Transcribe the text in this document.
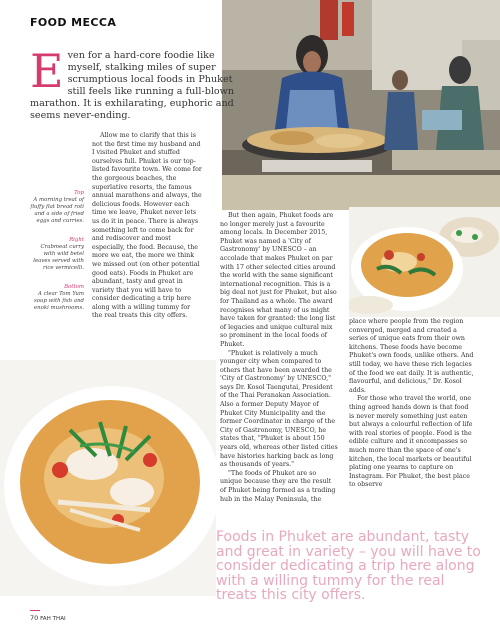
FOOD MECCA
E ven for a hard-core foodie like myself, stalking miles of super scrumptious local foods in Phuket still feels like running a full-blown marathon. It is exhilarating, euphoric and seems never-ending.
Top
A morning treat of fluffy flat bread roti and a side of fried eggs and curries.
Right
Crabmeat curry with wild betel leaves served with rice vermicelli.
Bottom
A clear Tom Yum soup with fish and enoki mushrooms.

Allow me to clarify that this is not the first time my husband and I visited Phuket and stuffed ourselves full. Phuket is our top-listed favourite town. We come for the gorgeous beaches, the superlative resorts, the famous annual marathons and always, the delicious foods. However each time we leave, Phuket never lets us do it in peace. There is always something left to come back for and rediscover and most especially, the food. Because, the more we eat, the more we think we missed out (on other potential good eats). Foods in Phuket are abundant, tasty and great in variety that you will have to consider dedicating a trip here along with a willing tummy for the real treats this city offers.

But then again, Phuket foods are no longer merely just a favourite among locals. In December 2015, Phuket was named a 'City of Gastronomy' by UNESCO – an accolade that makes Phuket on par with 17 other selected cities around the world with the same significant international recognition. This is a big deal not just for Phuket, but also for Thailand as a whole. The award recognises what many of us might have taken for granted: the long list of legacies and unique cultural mix so prominent in the local foods of Phuket.

"Phuket is relatively a much younger city when compared to others that have been awarded the 'City of Gastronomy' by UNESCO," says Dr. Kosol Taengutai, President of the Thai Peranakan Association. Also a former Deputy Mayor of Phuket City Municipality and the former Coordinator in charge of the City of Gastronomy, UNESCO, he states that, "Phuket is about 150 years old, whereas other listed cities have histories harking back as long as thousands of years."

"The foods of Phuket are so unique because they are the result of Phuket being formed as a trading hub in the Malay Peninsula, the

place where people from the region converged, merged and created a series of unique eats from their own kitchens. These foods have become Phuket's own foods, unlike others. And still today, we have these rich legacies of the food we eat daily. It is authentic, flavourful, and delicious," Dr. Kosol adds.

For those who travel the world, one thing agreed hands down is that food is never merely something just eaten but always a colourful reflection of life with real stories of people. Food is the edible culture and it encompasses so much more than the space of one's kitchen, the local markets or beautiful plating one yearns to capture on Instagram. For Phuket, the best place to observe

Foods in Phuket are abundant, tasty and great in variety – you will have to consider dedicating a trip here along with a willing tummy for the real treats this city offers.
70 FAH THAI
